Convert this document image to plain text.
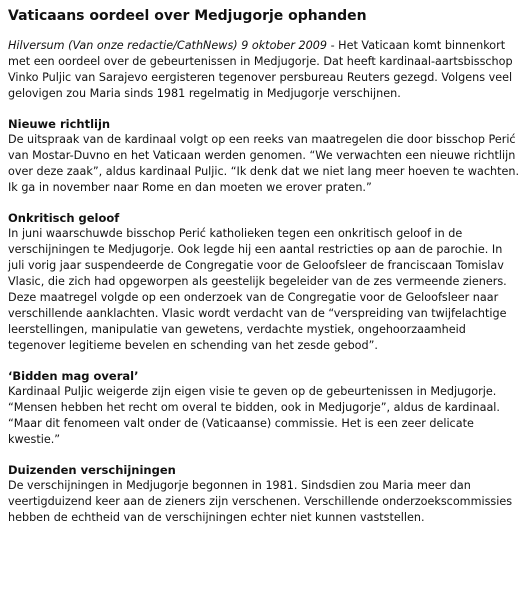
Vaticaans oordeel over Medjugorje ophanden

Hilversum (Van onze redactie/CathNews) 9 oktober 2009 - Het Vaticaan komt binnenkort met een oordeel over de gebeurtenissen in Medjugorje. Dat heeft kardinaal-aartsbisschop Vinko Puljic van Sarajevo eergisteren tegenover persbureau Reuters gezegd. Volgens veel gelovigen zou Maria sinds 1981 regelmatig in Medjugorje verschijnen.

Nieuwe richtlijn

De uitspraak van de kardinaal volgt op een reeks van maatregelen die door bisschop Perić van Mostar-Duvno en het Vaticaan werden genomen. “We verwachten een nieuwe richtlijn over deze zaak”, aldus kardinaal Puljic. “Ik denk dat we niet lang meer hoeven te wachten. Ik ga in november naar Rome en dan moeten we erover praten.”

Onkritisch geloof

In juni waarschuwde bisschop Perić katholieken tegen een onkritisch geloof in de verschijningen te Medjugorje. Ook legde hij een aantal restricties op aan de parochie. In juli vorig jaar suspendeerde de Congregatie voor de Geloofsleer de franciscaan Tomislav Vlasic, die zich had opgeworpen als geestelijk begeleider van de zes vermeende zieners. Deze maatregel volgde op een onderzoek van de Congregatie voor de Geloofsleer naar verschillende aanklachten. Vlasic wordt verdacht van de “verspreiding van twijfelachtige leerstellingen, manipulatie van gewetens, verdachte mystiek, ongehoorzaamheid tegenover legitieme bevelen en schending van het zesde gebod”.

‘Bidden mag overal’

Kardinaal Puljic weigerde zijn eigen visie te geven op de gebeurtenissen in Medjugorje. “Mensen hebben het recht om overal te bidden, ook in Medjugorje”, aldus de kardinaal. “Maar dit fenomeen valt onder de (Vaticaanse) commissie. Het is een zeer delicate kwestie.”

Duizenden verschijningen

De verschijningen in Medjugorje begonnen in 1981. Sindsdien zou Maria meer dan veertigduizend keer aan de zieners zijn verschenen. Verschillende onderzoekscommissies hebben de echtheid van de verschijningen echter niet kunnen vaststellen.
